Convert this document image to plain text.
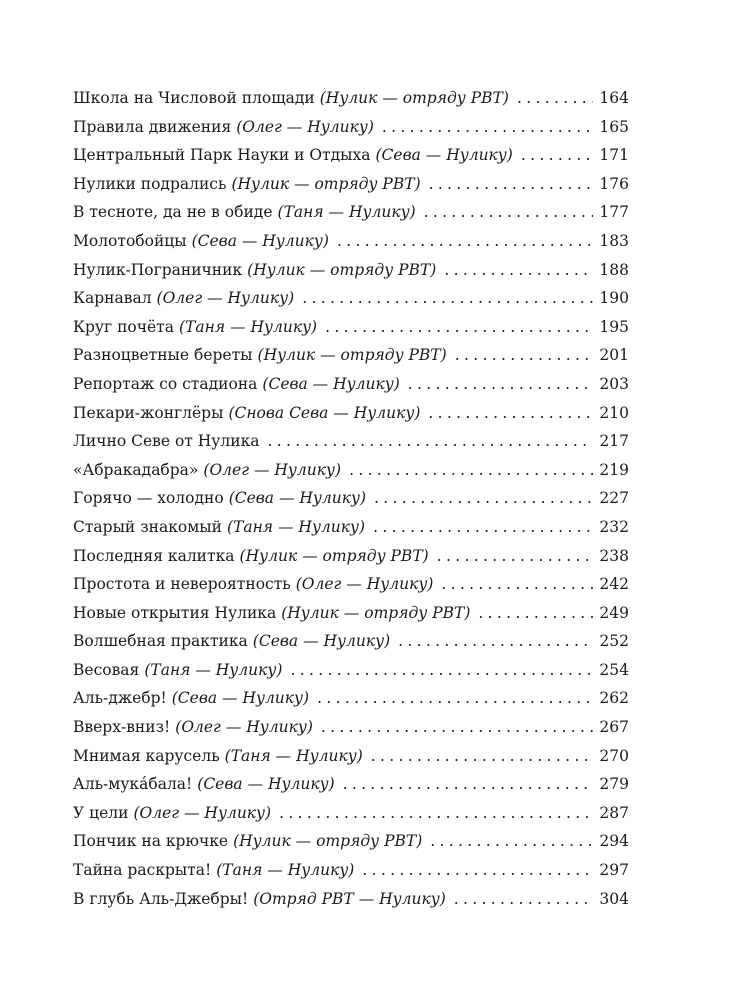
Школа на Числовой площади (Нулик — отряду РВТ) . . .	164
Правила движения (Олег — Нулику) . . .	165
Центральный Парк Науки и Отдыха (Сева — Нулику) . . .	171
Нулики подрались (Нулик — отряду РВТ) . . .	176
В тесноте, да не в обиде (Таня — Нулику) . . .	177
Молотобойцы (Сева — Нулику) . . .	183
Нулик-Пограничник (Нулик — отряду РВТ) . . .	188
Карнавал (Олег — Нулику) . . .	190
Круг почёта (Таня — Нулику) . . .	195
Разноцветные береты (Нулик — отряду РВТ) . . .	201
Репортаж со стадиона (Сева — Нулику) . . .	203
Пекари-жонглёры (Снова Сева — Нулику) . . .	210
Лично Севе от Нулика . . .	217
«Абракадабра» (Олег — Нулику) . . .	219
Горячо — холодно (Сева — Нулику) . . .	227
Старый знакомый (Таня — Нулику) . . .	232
Последняя калитка (Нулик — отряду РВТ) . . .	238
Простота и невероятность (Олег — Нулику) . . .	242
Новые открытия Нулика (Нулик — отряду РВТ) . . .	249
Волшебная практика (Сева — Нулику) . . .	252
Весовая (Таня — Нулику) . . .	254
Аль-джебр! (Сева — Нулику) . . .	262
Вверх-вниз! (Олег — Нулику) . . .	267
Мнимая карусель (Таня — Нулику) . . .	270
Аль-мука́бала! (Сева — Нулику) . . .	279
У цели (Олег — Нулику) . . .	287
Пончик на крючке (Нулик — отряду РВТ) . . .	294
Тайна раскрыта! (Таня — Нулику) . . .	297
В глубь Аль-Джебры! (Отряд РВТ — Нулику) . . .	304
